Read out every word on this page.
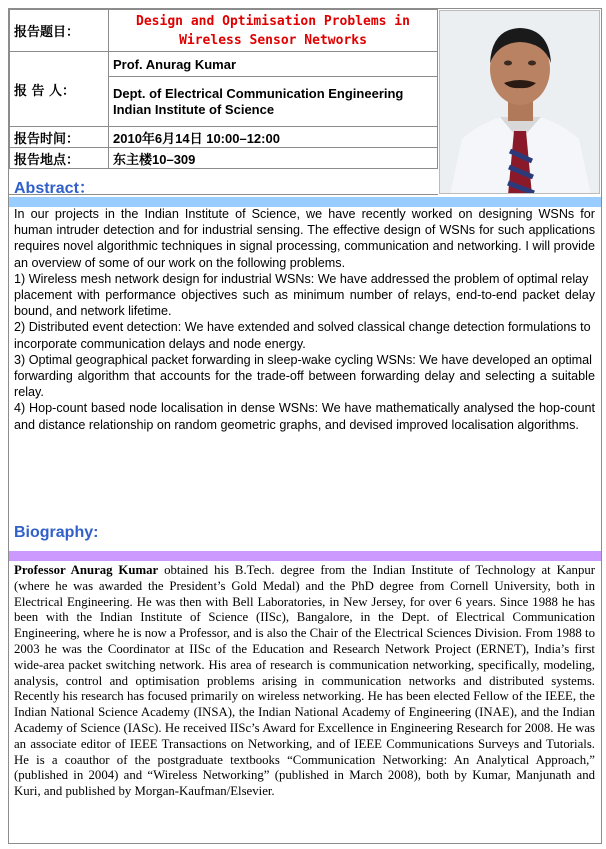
报告题目：	Design and Optimisation Problems in Wireless Sensor Networks
报 告 人：	Prof. Anurag Kumar

	Dept. of Electrical Communication Engineering
Indian Institute of Science

报告时间：	2010年6月14日 10:00–12:00
报告地点：	东主楼10–309
Abstract：

In our projects in the Indian Institute of Science, we have recently worked on designing WSNs for human intruder detection and for industrial sensing. The effective design of WSNs for such applications requires novel algorithmic techniques in signal processing, communication and networking. I will provide an overview of some of our work on the following problems.

1) Wireless mesh network design for industrial WSNs: We have addressed the problem of optimal relay

placement with performance objectives such as minimum number of relays, end-to-end packet delay bound, and network lifetime.

2) Distributed event detection: We have extended and solved classical change detection formulations to

incorporate communication delays and node energy.

3) Optimal geographical packet forwarding in sleep-wake cycling WSNs: We have developed an optimal

forwarding algorithm that accounts for the trade-off between forwarding delay and selecting a suitable relay.

4) Hop-count based node localisation in dense WSNs: We have mathematically analysed the hop-count and distance relationship on random geometric graphs, and devised improved localisation algorithms.

Biography:
Professor Anurag Kumar obtained his B.Tech. degree from the Indian Institute of Technology at Kanpur (where he was awarded the President’s Gold Medal) and the PhD degree from Cornell University, both in Electrical Engineering. He was then with Bell Laboratories, in New Jersey, for over 6 years. Since 1988 he has been with the Indian Institute of Science (IISc), Bangalore, in the Dept. of Electrical Communication Engineering, where he is now a Professor, and is also the Chair of the Electrical Sciences Division. From 1988 to 2003 he was the Coordinator at IISc of the Education and Research Network Project (ERNET), India’s first wide-area packet switching network. His area of research is communication networking, specifically, modeling, analysis, control and optimisation problems arising in communication networks and distributed systems. Recently his research has focused primarily on wireless networking. He has been elected Fellow of the IEEE, the Indian National Science Academy (INSA), the Indian National Academy of Engineering (INAE), and the Indian Academy of Science (IASc). He received IISc’s Award for Excellence in Engineering Research for 2008. He was an associate editor of IEEE Transactions on Networking, and of IEEE Communications Surveys and Tutorials. He is a coauthor of the postgraduate textbooks “Communication Networking: An Analytical Approach,” (published in 2004) and “Wireless Networking” (published in March 2008), both by Kumar, Manjunath and Kuri, and published by Morgan-Kaufman/Elsevier.
